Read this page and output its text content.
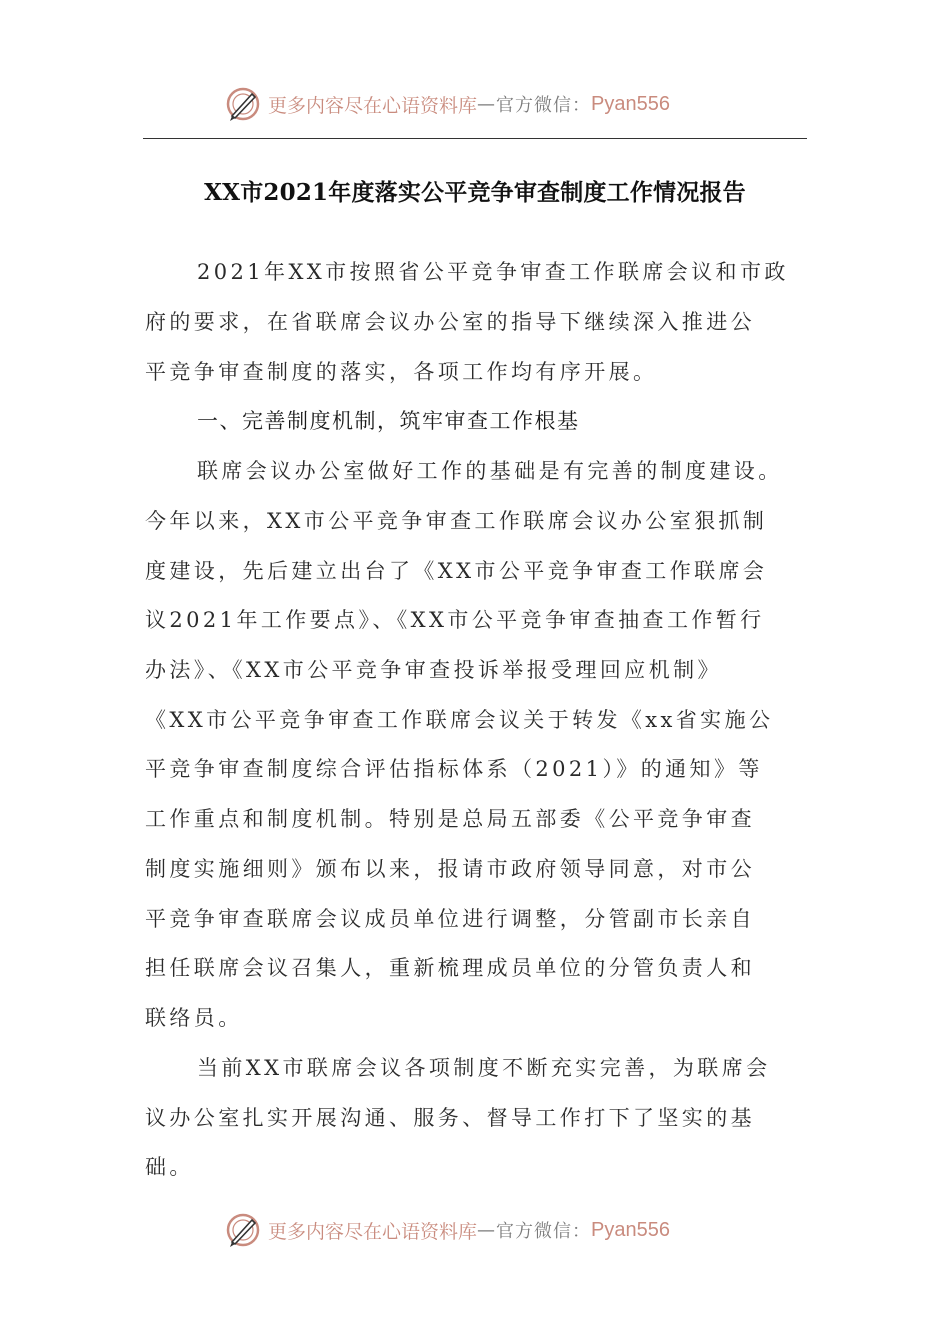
更多内容尽在心语资料库 — 官方微信： Pyan556
XX市2021年度落实公平竞争审查制度工作情况报告
2021年XX市按照省公平竞争审查工作联席会议和市政
府的要求，在省联席会议办公室的指导下继续深入推进公
平竞争审查制度的落实，各项工作均有序开展。
一、完善制度机制，筑牢审查工作根基
联席会议办公室做好工作的基础是有完善的制度建设。
今年以来，XX市公平竞争审查工作联席会议办公室狠抓制
度建设，先后建立出台了《XX市公平竞争审查工作联席会
议2021年工作要点》、《XX市公平竞争审查抽查工作暂行
办法》、《XX市公平竞争审查投诉举报受理回应机制》
《XX市公平竞争审查工作联席会议关于转发《xx省实施公
平竞争审查制度综合评估指标体系（2021）》的通知》等
工作重点和制度机制。特别是总局五部委《公平竞争审查
制度实施细则》颁布以来，报请市政府领导同意，对市公
平竞争审查联席会议成员单位进行调整，分管副市长亲自
担任联席会议召集人，重新梳理成员单位的分管负责人和
联络员。
当前XX市联席会议各项制度不断充实完善，为联席会
议办公室扎实开展沟通、服务、督导工作打下了坚实的基
础。
更多内容尽在心语资料库 — 官方微信： Pyan556
